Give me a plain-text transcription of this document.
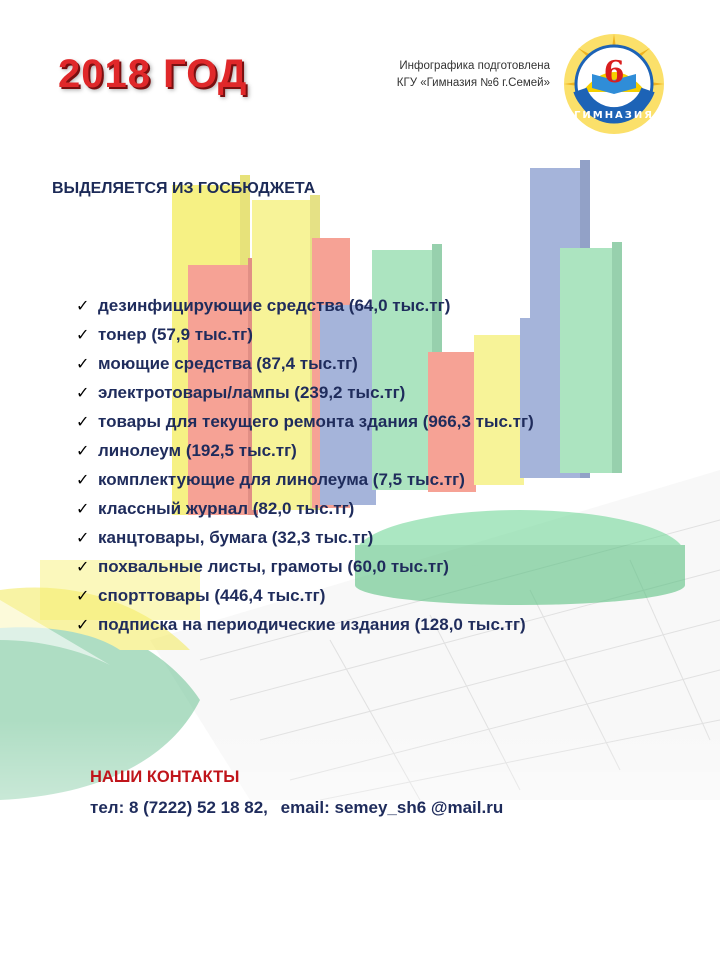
2018 ГОД	Инфографика подготовлена
КГУ «Гимназия №6 г.Семей» 6
ГИМНАЗИЯ
ВЫДЕЛЯЕТСЯ ИЗ ГОСБЮДЖЕТА
✓ дезинфицирующие средства (64,0 тыс.тг)
✓ тонер (57,9 тыс.тг)
✓ моющие средства (87,4 тыс.тг)
✓ электротовары/лампы (239,2 тыс.тг)
✓ товары для текущего ремонта здания (966,3 тыс.тг)
✓ линолеум (192,5 тыс.тг)
✓ комплектующие для линолеума (7,5 тыс.тг)
✓ классный журнал (82,0 тыс.тг)
✓ канцтовары, бумага (32,3 тыс.тг)
✓ похвальные листы, грамоты (60,0 тыс.тг)
✓ спорттовары (446,4 тыс.тг)
✓ подписка на периодические издания (128,0 тыс.тг)
НАШИ КОНТАКТЫ
тел: 8 (7222) 52 18 82, email: semey_sh6 @mail.ru
